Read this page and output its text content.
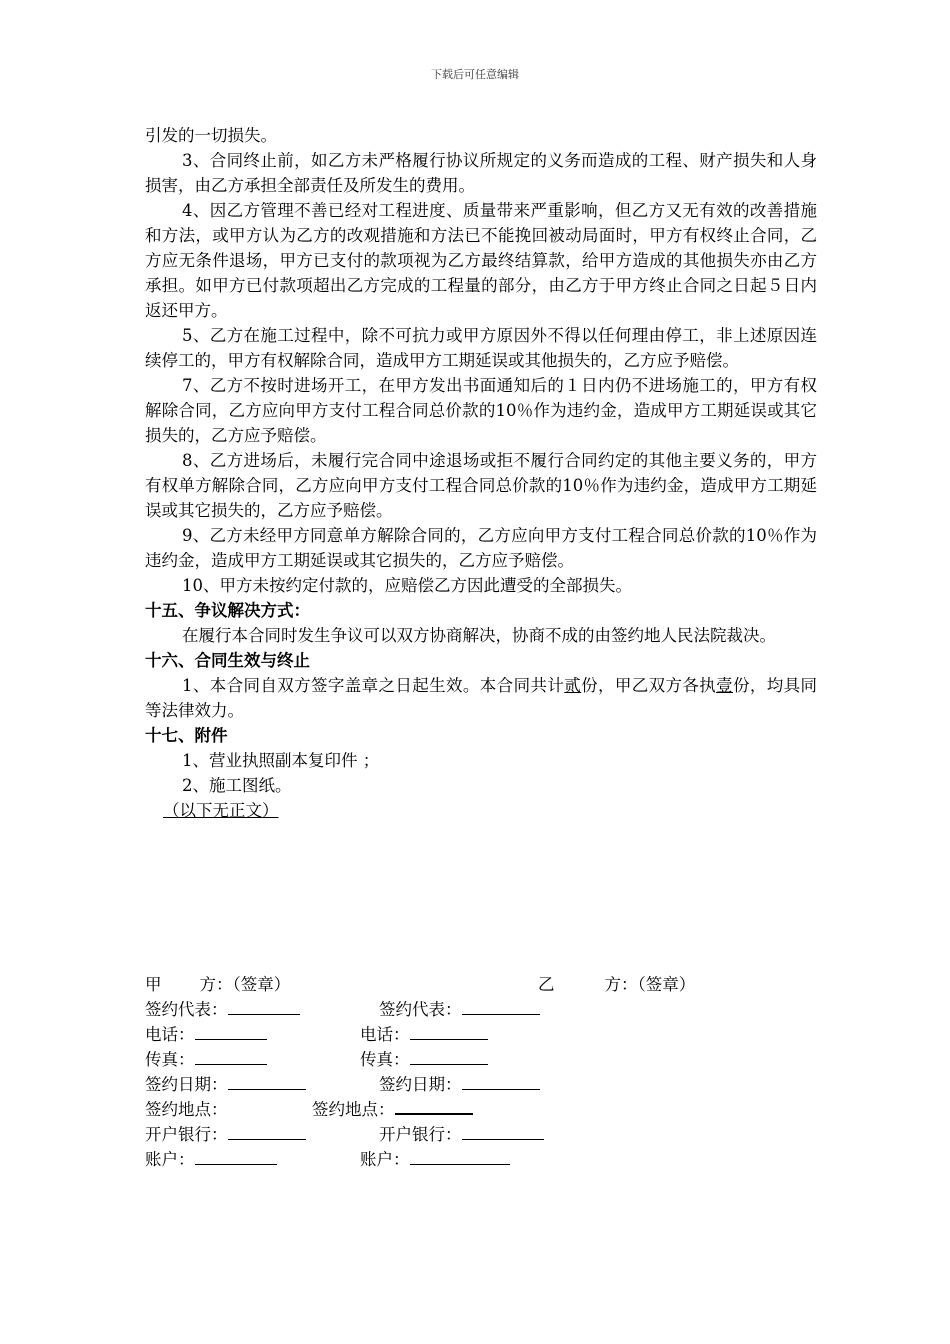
下载后可任意编辑

引发的一切损失。

3、合同终止前，如乙方未严格履行协议所规定的义务而造成的工程、财产损失和人身损害，由乙方承担全部责任及所发生的费用。

4、因乙方管理不善已经对工程进度、质量带来严重影响，但乙方又无有效的改善措施和方法，或甲方认为乙方的改观措施和方法已不能挽回被动局面时，甲方有权终止合同，乙方应无条件退场，甲方已支付的款项视为乙方最终结算款，给甲方造成的其他损失亦由乙方承担。如甲方已付款项超出乙方完成的工程量的部分，由乙方于甲方终止合同之日起５日内返还甲方。

5、乙方在施工过程中，除不可抗力或甲方原因外不得以任何理由停工，非上述原因连续停工的，甲方有权解除合同，造成甲方工期延误或其他损失的，乙方应予赔偿。

7、乙方不按时进场开工，在甲方发出书面通知后的１日内仍不进场施工的，甲方有权解除合同，乙方应向甲方支付工程合同总价款的10％作为违约金，造成甲方工期延误或其它损失的，乙方应予赔偿。

8、乙方进场后，未履行完合同中途退场或拒不履行合同约定的其他主要义务的，甲方有权单方解除合同，乙方应向甲方支付工程合同总价款的10％作为违约金，造成甲方工期延误或其它损失的，乙方应予赔偿。

9、乙方未经甲方同意单方解除合同的，乙方应向甲方支付工程合同总价款的10％作为违约金，造成甲方工期延误或其它损失的，乙方应予赔偿。

10、甲方未按约定付款的，应赔偿乙方因此遭受的全部损失。

十五、争议解决方式：

在履行本合同时发生争议可以双方协商解决，协商不成的由签约地人民法院裁决。

十六、合同生效与终止

1、本合同自双方签字盖章之日起生效。本合同共计贰份，甲乙双方各执壹份，均具同等法律效力。

十七、附件

1、营业执照副本复印件 ；

2、施工图纸。

（以下无正文）

甲 方：（签章）	乙	方：（签章）
签约代表：	签约代表：
电话：	电话：
传真：	传真：
签约日期：	签约日期：
签约地点：	签约地点：
开户银行：	开户银行：
账户：	账户：
